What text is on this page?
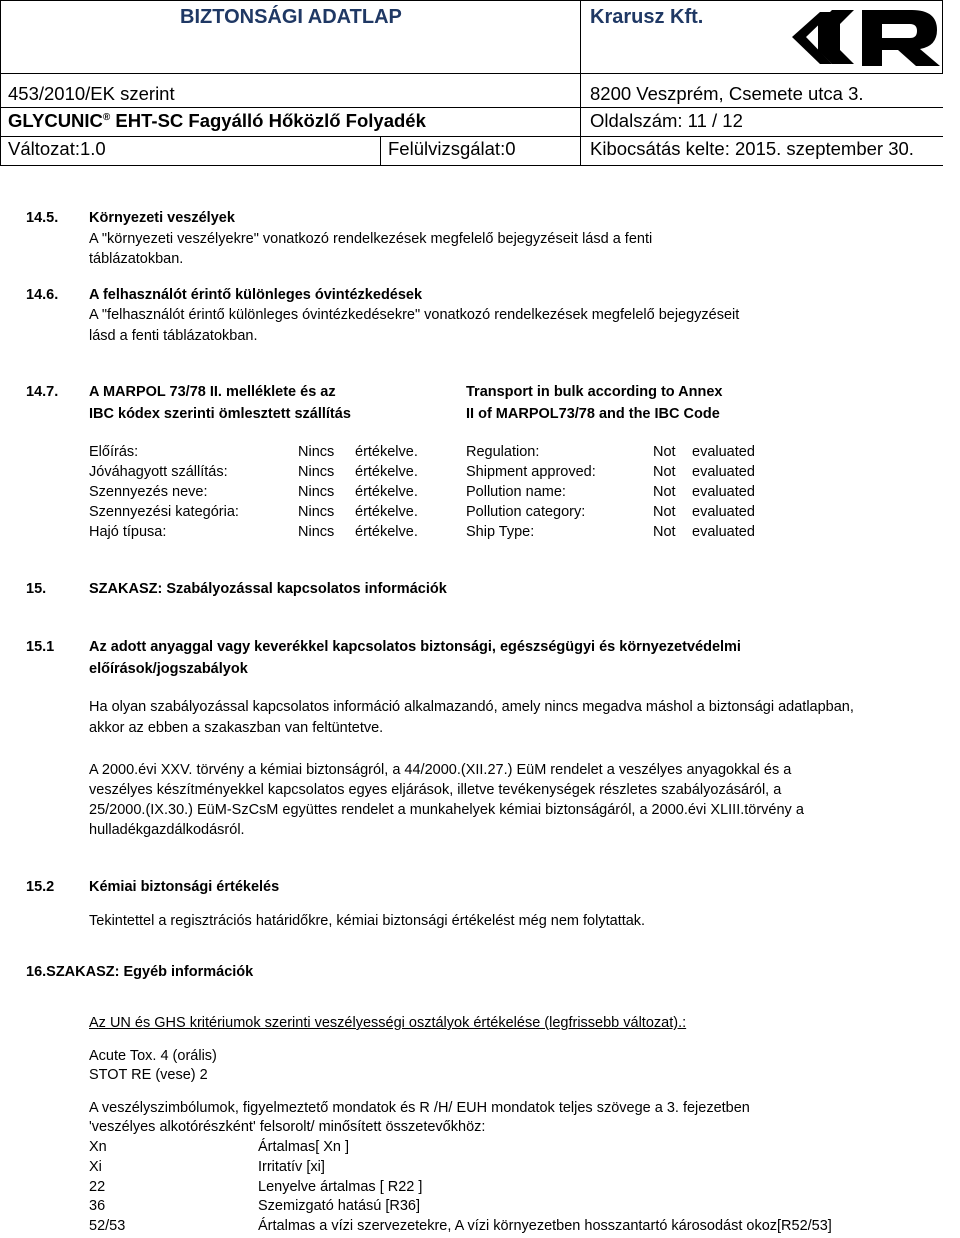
BIZTONSÁGI ADATLAP	Krarusz Kft.
453/2010/EK szerint	8200 Veszprém, Csemete utca 3.
GLYCUNIC® EHT-SC Fagyálló Hőközlő Folyadék	Oldalszám: 11 / 12
Változat:1.0	Felülvizsgálat:0	Kibocsátás kelte: 2015. szeptember 30.
14.5. Környezeti veszélyek
A "környezeti veszélyekre" vonatkozó rendelkezések megfelelő bejegyzéseit lásd a fenti
táblázatokban.
14.6. A felhasználót érintő különleges óvintézkedések
A "felhasználót érintő különleges óvintézkedésekre" vonatkozó rendelkezések megfelelő bejegyzéseit
lásd a fenti táblázatokban.
14.7. A MARPOL 73/78 II. melléklete és az
IBC kódex szerinti ömlesztett szállítás
Transport in bulk according to Annex
II of MARPOL73/78 and the IBC Code
Előírás:	Nincs értékelve.	Regulation:	Not evaluated
Jóváhagyott szállítás:	Nincs értékelve.	Shipment approved:	Not evaluated
Szennyezés neve:	Nincs értékelve.	Pollution name:	Not evaluated
Szennyezési kategória:	Nincs értékelve.	Pollution category:	Not evaluated
Hajó típusa:	Nincs értékelve.	Ship Type:	Not evaluated
15.	SZAKASZ: Szabályozással kapcsolatos információk
15.1 Az adott anyaggal vagy keverékkel kapcsolatos biztonsági, egészségügyi és környezetvédelmi
előírások/jogszabályok
Ha olyan szabályozással kapcsolatos információ alkalmazandó, amely nincs megadva máshol a biztonsági adatlapban,
akkor az ebben a szakaszban van feltüntetve.
A 2000.évi XXV. törvény a kémiai biztonságról, a 44/2000.(XII.27.) EüM rendelet a veszélyes anyagokkal és a
veszélyes készítményekkel kapcsolatos egyes eljárások, illetve tevékenységek részletes szabályozásáról, a
25/2000.(IX.30.) EüM-SzCsM együttes rendelet a munkahelyek kémiai biztonságáról, a 2000.évi XLIII.törvény a
hulladékgazdálkodásról.
15.2 Kémiai biztonsági értékelés
Tekintettel a regisztrációs határidőkre, kémiai biztonsági értékelést még nem folytattak.
16.SZAKASZ: Egyéb információk
Az UN és GHS kritériumok szerinti veszélyességi osztályok értékelése (legfrissebb változat).:
Acute Tox. 4 (orális)
STOT RE (vese) 2
A veszélyszimbólumok, figyelmeztető mondatok és R /H/ EUH mondatok teljes szövege a 3. fejezetben
'veszélyes alkotórészként' felsorolt/ minősített összetevőkhöz:
Xn	Ártalmas[ Xn ]
Xi	Irritatív [xi]
22	Lenyelve ártalmas [ R22 ]
36	Szemizgató hatású [R36]
52/53	Ártalmas a vízi szervezetekre, A vízi környezetben hosszantartó károsodást okoz[R52/53]
